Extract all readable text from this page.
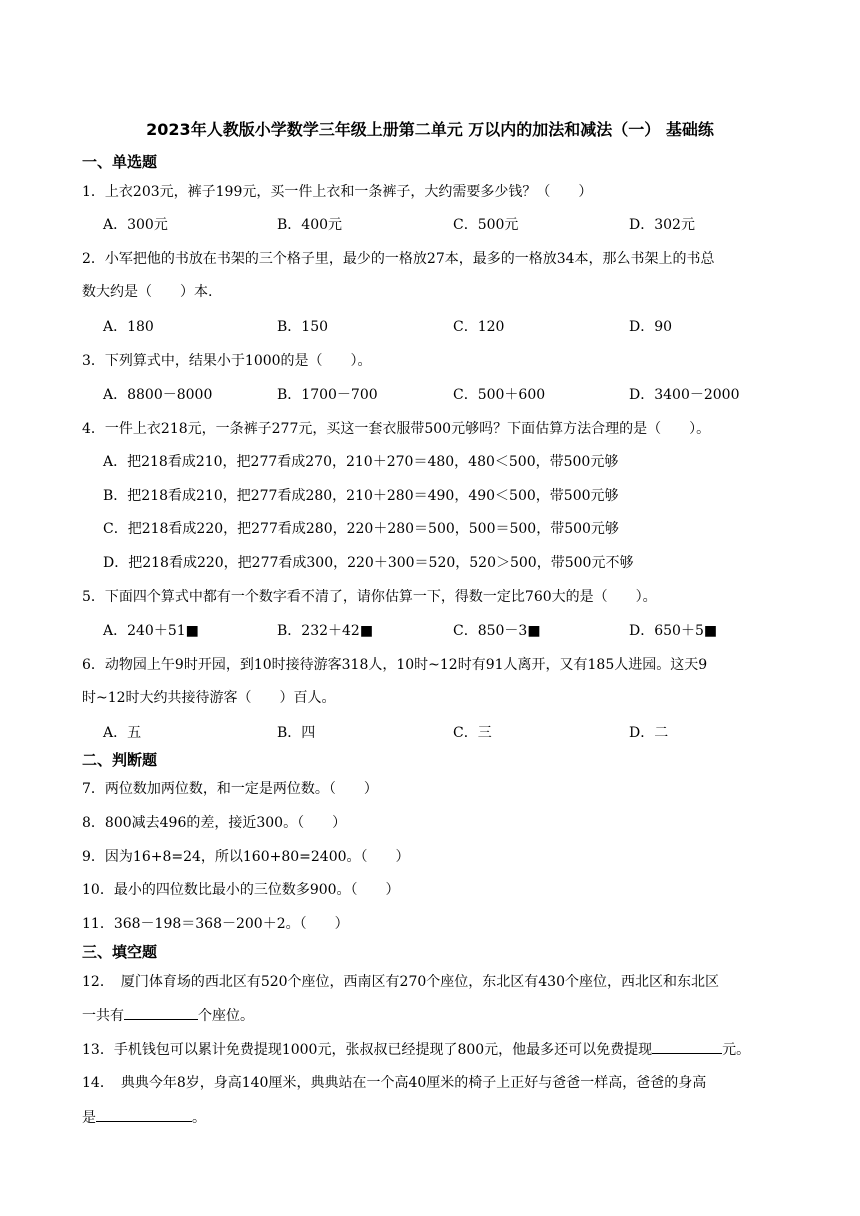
2023年人教版小学数学三年级上册第二单元 万以内的加法和减法（一） 基础练
一、单选题
1．上衣203元，裤子199元，买一件上衣和一条裤子，大约需要多少钱？（　　）
A．300元	B．400元	C．500元	D．302元
2．小军把他的书放在书架的三个格子里，最少的一格放27本，最多的一格放34本，那么书架上的书总
数大约是（　　）本.
A．180	B．150	C．120	D．90
3．下列算式中，结果小于1000的是（　　）。
A．8800－8000	B．1700－700	C．500＋600	D．3400－2000
4．一件上衣218元，一条裤子277元，买这一套衣服带500元够吗？下面估算方法合理的是（　　）。
A．把218看成210，把277看成270，210＋270＝480，480＜500，带500元够
B．把218看成210，把277看成280，210＋280＝490，490＜500，带500元够
C．把218看成220，把277看成280，220＋280＝500，500＝500，带500元够
D．把218看成220，把277看成300，220＋300＝520，520＞500，带500元不够
5．下面四个算式中都有一个数字看不清了，请你估算一下，得数一定比760大的是（　　）。
A．240＋51■	B．232＋42■	C．850－3■	D．650＋5■
6．动物园上午9时开园，到10时接待游客318人，10时~12时有91人离开，又有185人进园。这天9
时~12时大约共接待游客（　　）百人。
A．五	B．四	C．三	D．二
二、判断题
7．两位数加两位数，和一定是两位数。（　　）
8．800减去496的差，接近300。（　　）
9．因为16+8=24，所以160+80=2400。（　　）
10．最小的四位数比最小的三位数多900。（　　）
11．368－198＝368－200＋2。（　　）
三、填空题
12．　厦门体育场的西北区有520个座位，西南区有270个座位，东北区有430个座位，西北区和东北区
一共有	个座位。
13．手机钱包可以累计免费提现1000元，张叔叔已经提现了800元，他最多还可以免费提现	元。
14．　典典今年8岁，身高140厘米，典典站在一个高40厘米的椅子上正好与爸爸一样高，爸爸的身高
是	。
